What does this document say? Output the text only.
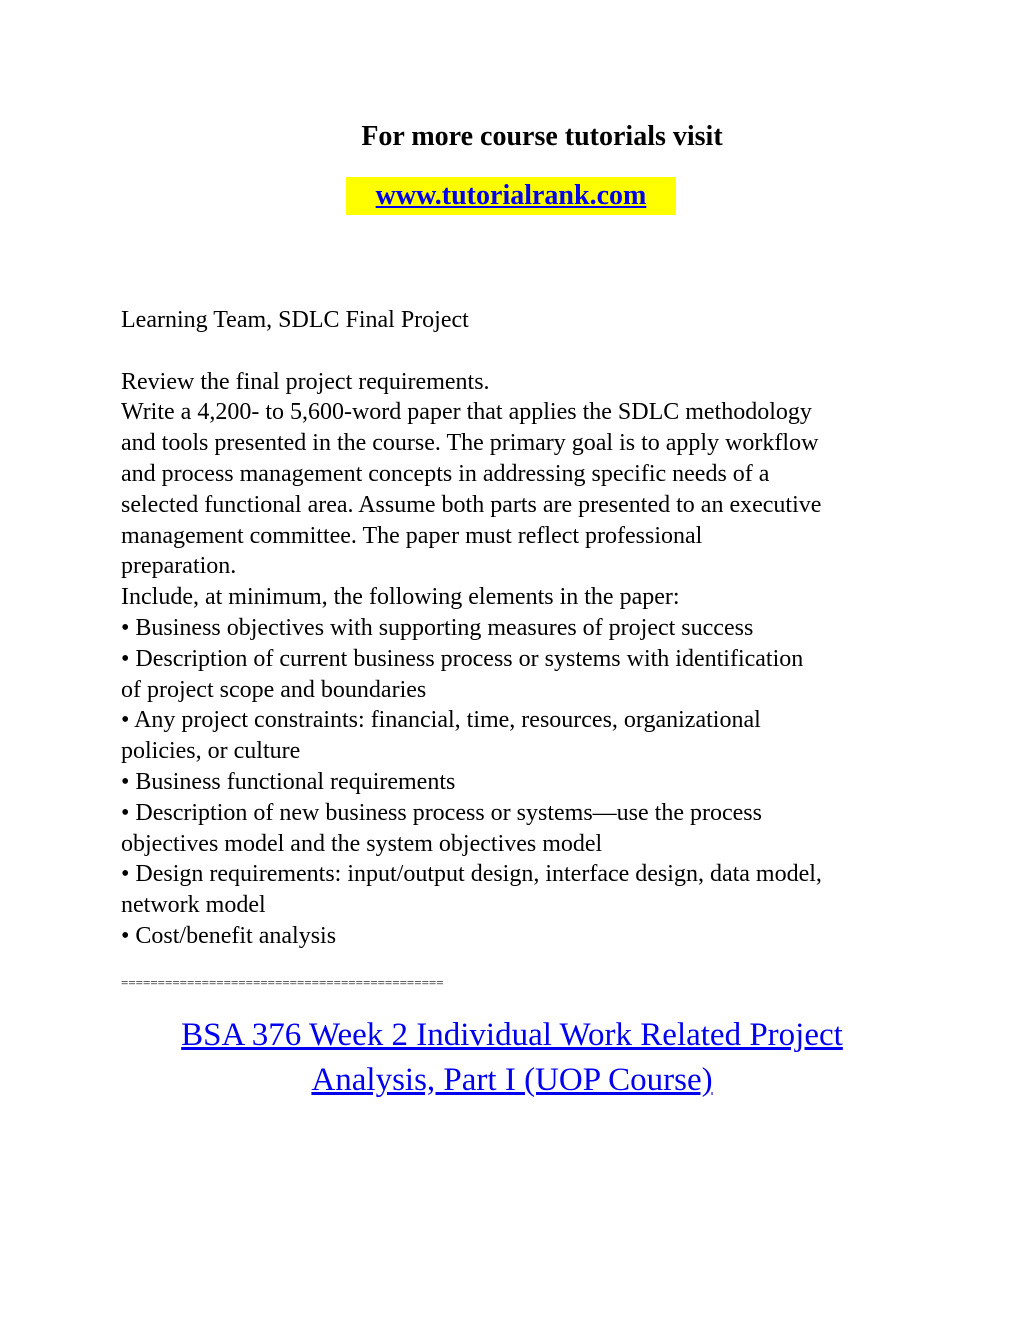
For more course tutorials visit
www.tutorialrank.com
Learning Team, SDLC Final Project
Review the final project requirements.
Write a 4,200- to 5,600-word paper that applies the SDLC methodology
and tools presented in the course. The primary goal is to apply workflow
and process management concepts in addressing specific needs of a
selected functional area. Assume both parts are presented to an executive
management committee. The paper must reflect professional
preparation.
Include, at minimum, the following elements in the paper:
• Business objectives with supporting measures of project success
• Description of current business process or systems with identification
of project scope and boundaries
• Any project constraints: financial, time, resources, organizational
policies, or culture
• Business functional requirements
• Description of new business process or systems—use the process
objectives model and the system objectives model
• Design requirements: input/output design, interface design, data model,
network model
• Cost/benefit analysis
============================================
BSA 376 Week 2 Individual Work Related Project
Analysis, Part I (UOP Course)
